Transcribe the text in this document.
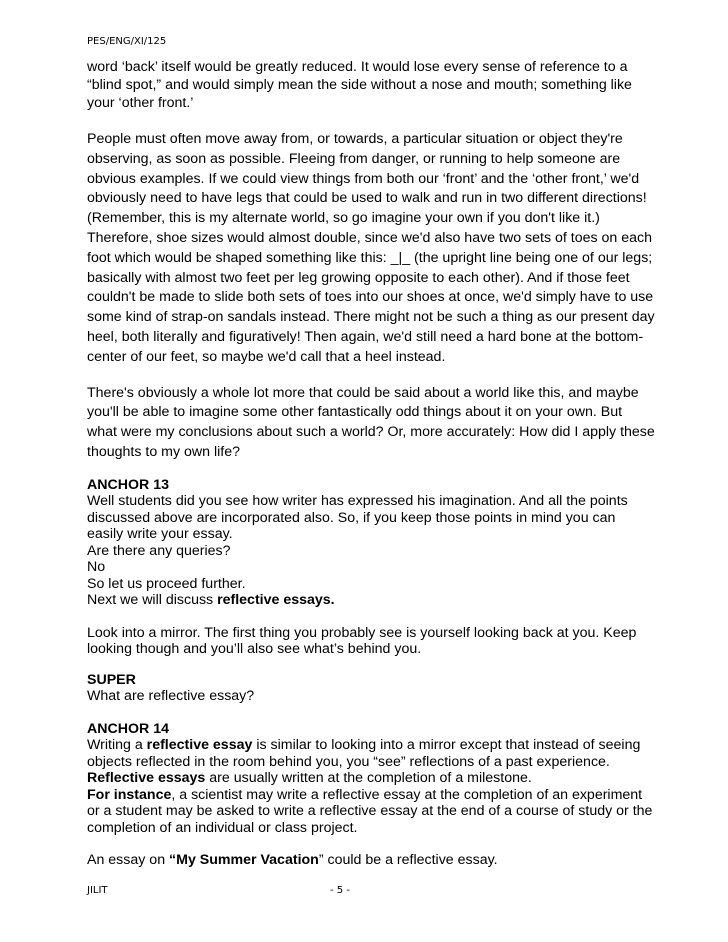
PES/ENG/XI/125

word ‘back’ itself would be greatly reduced. It would lose every sense of reference to a “blind spot,” and would simply mean the side without a nose and mouth; something like your ‘other front.’

People must often move away from, or towards, a particular situation or object they're observing, as soon as possible. Fleeing from danger, or running to help someone are obvious examples. If we could view things from both our ‘front’ and the ‘other front,’ we'd obviously need to have legs that could be used to walk and run in two different directions! (Remember, this is my alternate world, so go imagine your own if you don't like it.) Therefore, shoe sizes would almost double, since we'd also have two sets of toes on each foot which would be shaped something like this: _|_ (the upright line being one of our legs; basically with almost two feet per leg growing opposite to each other). And if those feet couldn't be made to slide both sets of toes into our shoes at once, we'd simply have to use some kind of strap-on sandals instead. There might not be such a thing as our present day heel, both literally and figuratively! Then again, we'd still need a hard bone at the bottom-center of our feet, so maybe we'd call that a heel instead.

There's obviously a whole lot more that could be said about a world like this, and maybe you'll be able to imagine some other fantastically odd things about it on your own. But what were my conclusions about such a world? Or, more accurately: How did I apply these thoughts to my own life?

ANCHOR 13
Well students did you see how writer has expressed his imagination. And all the points discussed above are incorporated also. So, if you keep those points in mind you can easily write your essay.
Are there any queries?
No
So let us proceed further.
Next we will discuss reflective essays.
Look into a mirror. The first thing you probably see is yourself looking back at you. Keep looking though and you’ll also see what’s behind you.
SUPER
What are reflective essay?
ANCHOR 14
Writing a reflective essay is similar to looking into a mirror except that instead of seeing objects reflected in the room behind you, you “see” reflections of a past experience.
Reflective essays are usually written at the completion of a milestone.
For instance, a scientist may write a reflective essay at the completion of an experiment or a student may be asked to write a reflective essay at the end of a course of study or the completion of an individual or class project.
An essay on “My Summer Vacation” could be a reflective essay.
JILIT	- 5 -
